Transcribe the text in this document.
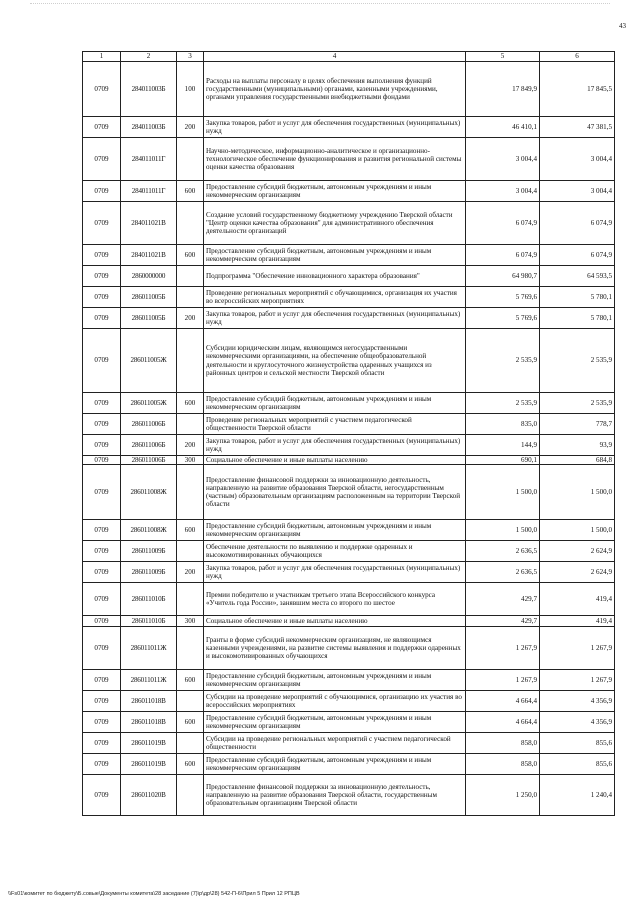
43
1	2	3	4	5	6
0709	284011003Б	100	Расходы на выплаты персоналу в целях обеспечения выполнения функций государственными (муниципальными) органами, казенными учреждениями, органами управления государственными внебюджетными фондами	17 849,9	17 845,5
0709	284011003Б	200	Закупка товаров, работ и услуг для обеспечения государственных (муниципальных) нужд	46 410,1	47 381,5
0709	284011011Г		Научно-методическое, информационно-аналитическое и организационно-технологическое обеспечение функционирования и развития региональной системы оценки качества образования	3 004,4	3 004,4
0709	284011011Г	600	Предоставление субсидий бюджетным, автономным учреждениям и иным некоммерческим организациям	3 004,4	3 004,4
0709	284011021В		Создание условий государственному бюджетному учреждению Тверской области "Центр оценки качества образования" для административного обеспечения деятельности организаций	6 074,9	6 074,9
0709	284011021В	600	Предоставление субсидий бюджетным, автономным учреждениям и иным некоммерческим организациям	6 074,9	6 074,9
0709	2860000000		Подпрограмма "Обеспечение инновационного характера образования"	64 980,7	64 593,5
0709	286011005Б		Проведение региональных мероприятий с обучающимися, организация их участия во всероссийских мероприятиях	5 769,6	5 780,1
0709	286011005Б	200	Закупка товаров, работ и услуг для обеспечения государственных (муниципальных) нужд	5 769,6	5 780,1
0709	286011005Ж		Субсидии юридическим лицам, являющимся негосударственными некоммерческими организациями, на обеспечение общеобразовательной деятельности и круглосуточного жизнеустройства одаренных учащихся из районных центров и сельской местности Тверской области	2 535,9	2 535,9
0709	286011005Ж	600	Предоставление субсидий бюджетным, автономным учреждениям и иным некоммерческим организациям	2 535,9	2 535,9
0709	286011006Б		Проведение региональных мероприятий с участием педагогической общественности Тверской области	835,0	778,7
0709	286011006Б	200	Закупка товаров, работ и услуг для обеспечения государственных (муниципальных) нужд	144,9	93,9
0709	286011006Б	300	Социальное обеспечение и иные выплаты населению	690,1	684,8
0709	286011008Ж		Предоставление финансовой поддержки за инновационную деятельность, направленную на развитие образования Тверской области, негосударственным (частным) образовательным организациям расположенным на территории Тверской области	1 500,0	1 500,0
0709	286011008Ж	600	Предоставление субсидий бюджетным, автономным учреждениям и иным некоммерческим организациям	1 500,0	1 500,0
0709	286011009Б		Обеспечение деятельности по выявлению и поддержке одаренных и высокомотивированных обучающихся	2 636,5	2 624,9
0709	286011009Б	200	Закупка товаров, работ и услуг для обеспечения государственных (муниципальных) нужд	2 636,5	2 624,9
0709	286011010Б		Премии победителю и участникам третьего этапа Всероссийского конкурса «Учитель года России», занявшим места со второго по шестое	429,7	419,4
0709	286011010Б	300	Социальное обеспечение и иные выплаты населению	429,7	419,4
0709	286011011Ж		Гранты в форме субсидий некоммерческим организациям, не являющимся казенными учреждениями, на развитие системы выявления и поддержки одаренных и высокомотивированных обучающихся	1 267,9	1 267,9
0709	286011011Ж	600	Предоставление субсидий бюджетным, автономным учреждениям и иным некоммерческим организациям	1 267,9	1 267,9
0709	286011018В		Субсидии на проведение мероприятий с обучающимися, организацию их участия во всероссийских мероприятиях	4 664,4	4 356,9
0709	286011018В	600	Предоставление субсидий бюджетным, автономным учреждениям и иным некоммерческим организациям	4 664,4	4 356,9
0709	286011019В		Субсидии на проведение региональных мероприятий с участием педагогической общественности	858,0	855,6
0709	286011019В	600	Предоставление субсидий бюджетным, автономным учреждениям и иным некоммерческим организациям	858,0	855,6
0709	286011020В		Предоставление финансовой поддержки за инновационную деятельность, направленную на развитие образования Тверской области, государственным образовательным организациям Тверской области	1 250,0	1 240,4
\\Fs01\комитет по бюджету\Б.совые\Документы комитета\28 заседание (7)\р\др\28) 542-П-6\Прил 5 Прил 12 РПЦВ
